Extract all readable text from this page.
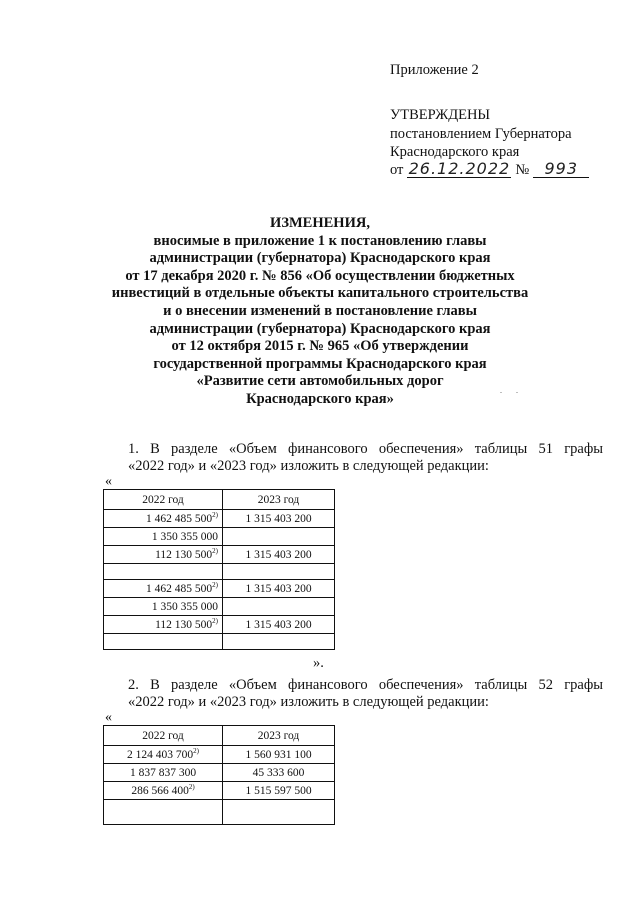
Приложение 2
УТВЕРЖДЕНЫ
постановлением Губернатора
Краснодарского края
от 26.12.2022 № 993
ИЗМЕНЕНИЯ,
вносимые в приложение 1 к постановлению главы
администрации (губернатора) Краснодарского края
от 17 декабря 2020 г. № 856 «Об осуществлении бюджетных
инвестиций в отдельные объекты капитального строительства
и о внесении изменений в постановление главы
администрации (губернатора) Краснодарского края
от 12 октября 2015 г. № 965 «Об утверждении
государственной программы Краснодарского края
«Развитие сети автомобильных дорог
Краснодарского края»
. .
1. В разделе «Объем финансового обеспечения» таблицы 51 графы
«2022 год» и «2023 год» изложить в следующей редакции:
«
2022 год	2023 год
1 462 485 500$^{2)}$	1 315 403 200
1 350 355 000	
112 130 500$^{2)}$	1 315 403 200

1 462 485 500$^{2)}$	1 315 403 200
1 350 355 000	
112 130 500$^{2)}$	1 315 403 200

».
2. В разделе «Объем финансового обеспечения» таблицы 52 графы
«2022 год» и «2023 год» изложить в следующей редакции:
«
2022 год	2023 год
2 124 403 700$^{2)}$	1 560 931 100
1 837 837 300	45 333 600
286 566 400$^{2)}$	1 515 597 500
